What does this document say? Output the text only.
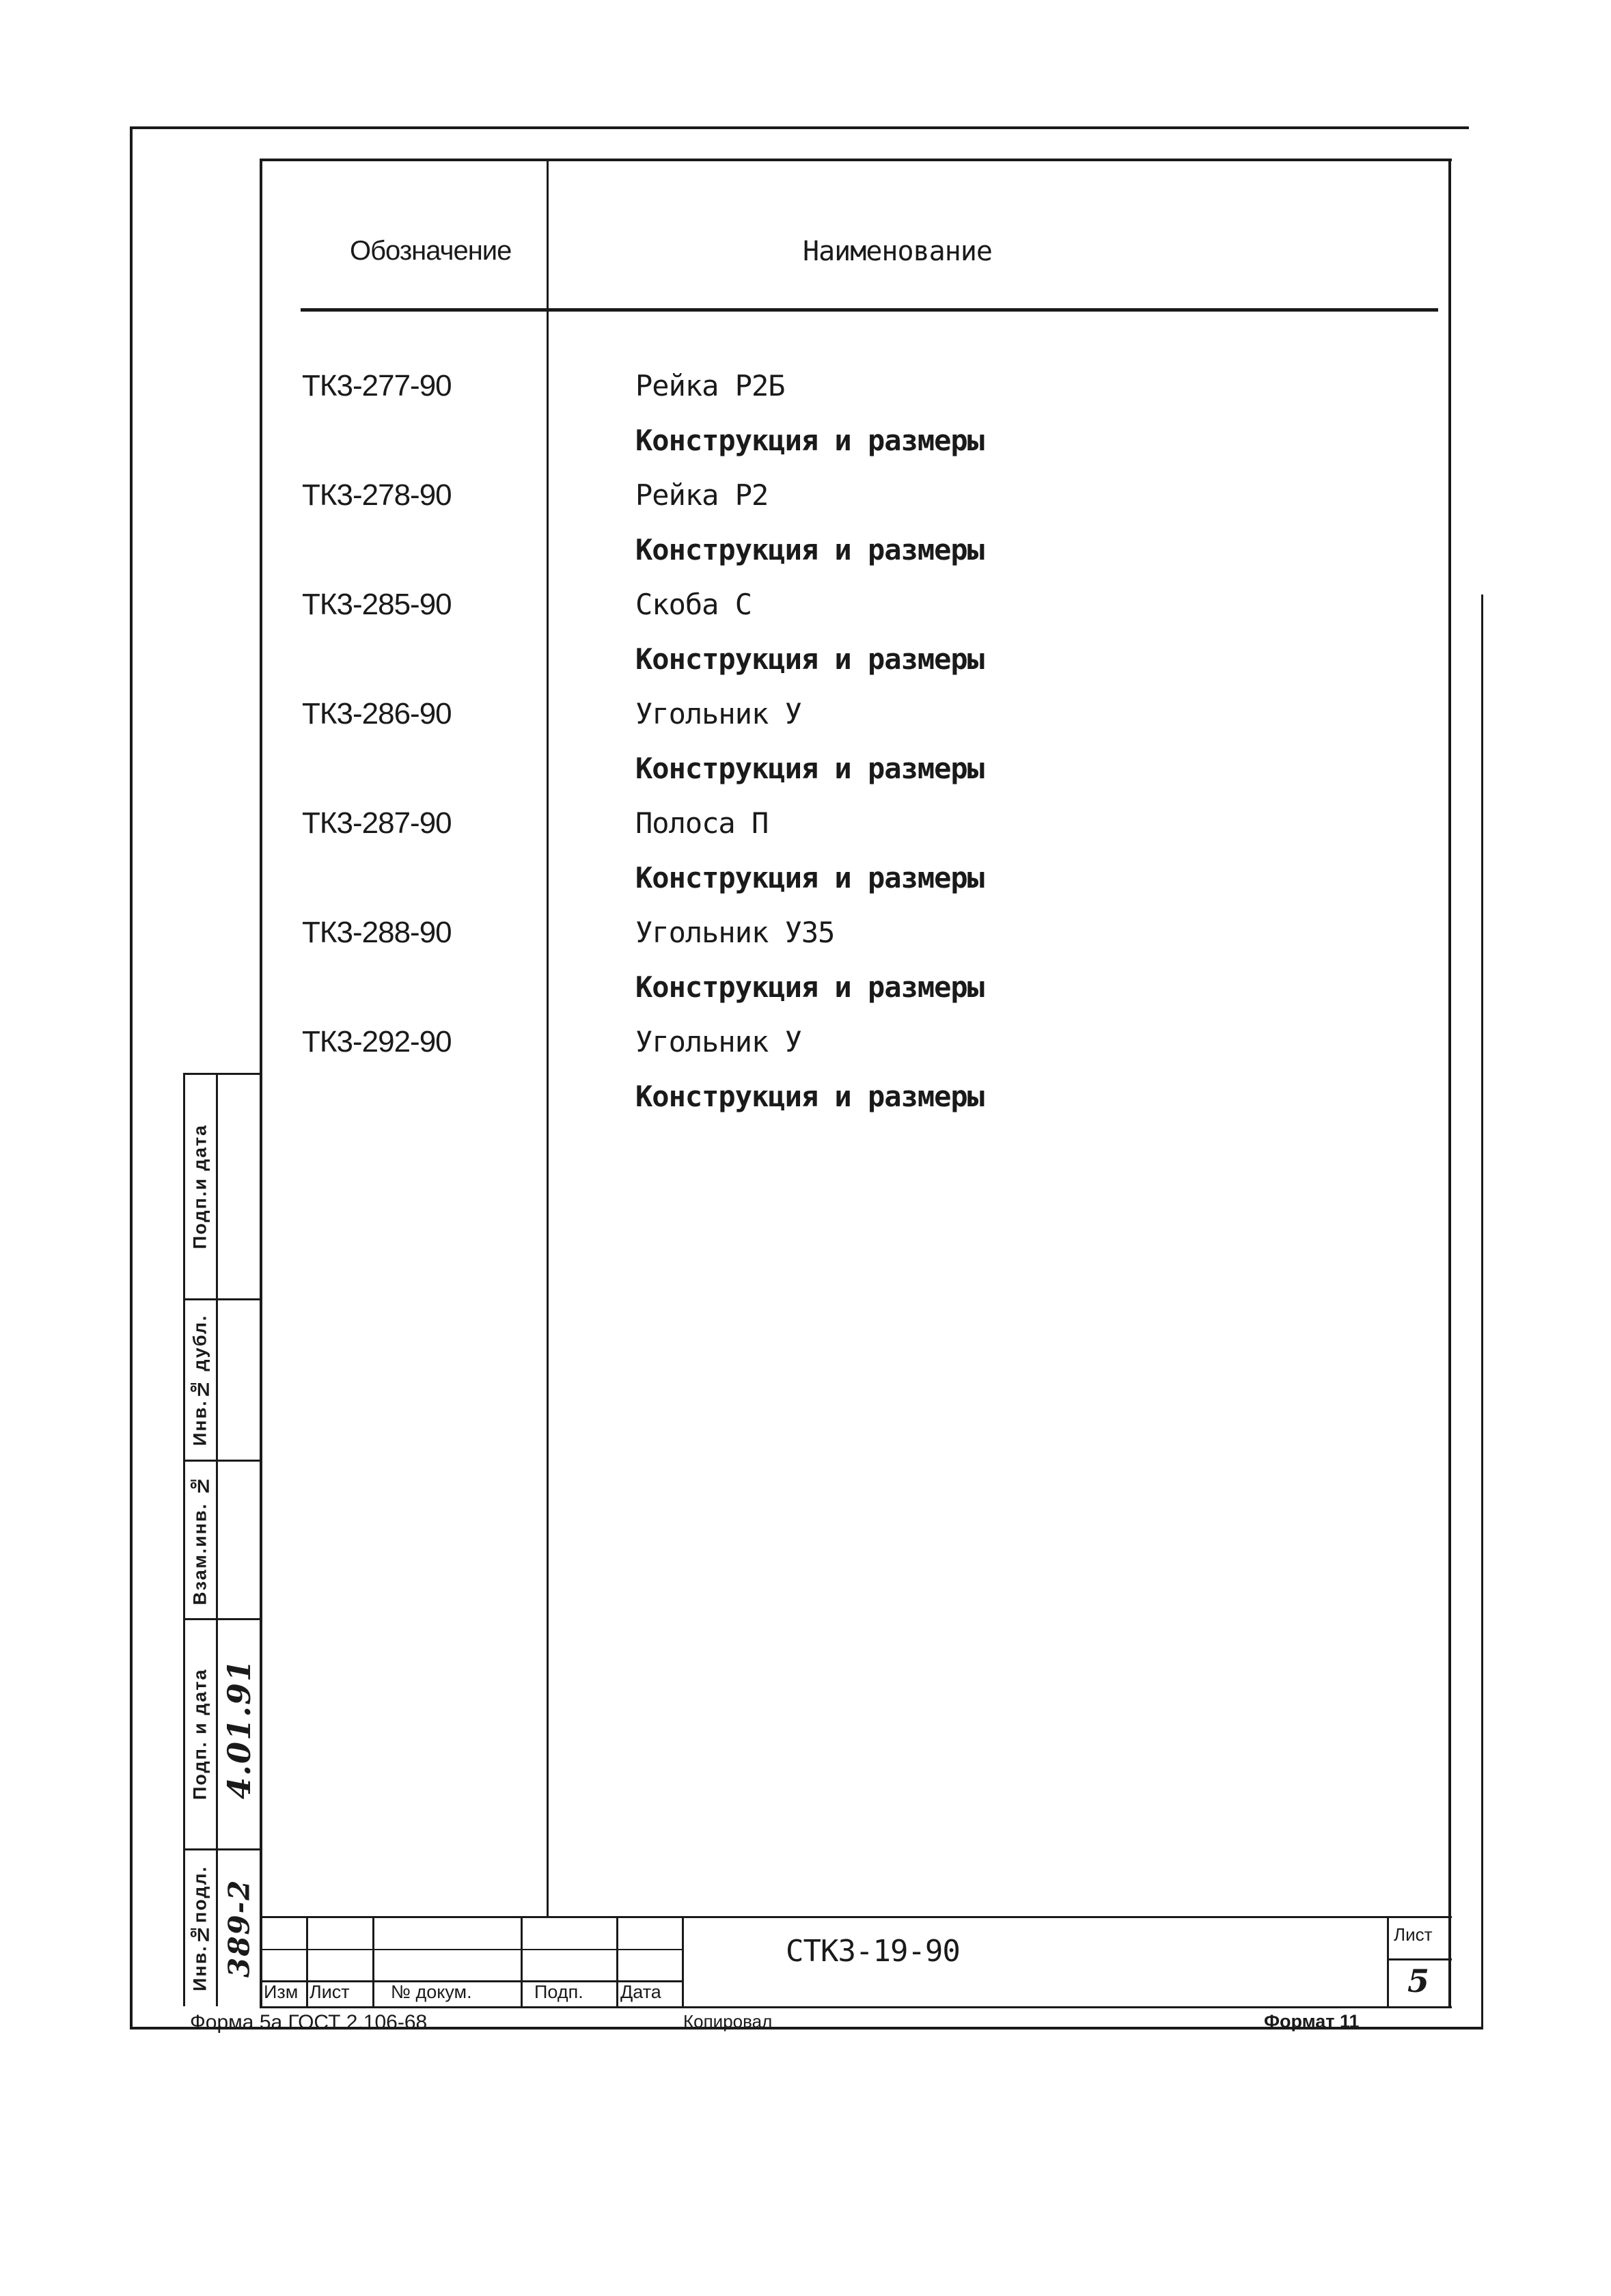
Обозначение	Наименование
ТК3-277-90	Рейка Р2Б
Конструкция и размеры
ТК3-278-90	Рейка Р2
Конструкция и размеры
ТК3-285-90	Скоба С
Конструкция и размеры
ТК3-286-90	Угольник У
Конструкция и размеры
ТК3-287-90	Полоса П
Конструкция и размеры
ТК3-288-90	Угольник У35
Конструкция и размеры
ТК3-292-90	Угольник У
Конструкция и размеры
Подп.и дата
Инв.№ дубл.
Взам.инв. №
Подп. и дата
Инв.№подл.
4.01.91
389-2
Изм Лист № докум.	Подп. Дата
СТК3-19-90	Лист
5
Форма 5а ГОСТ 2.106-68	Копировал	Формат 11
